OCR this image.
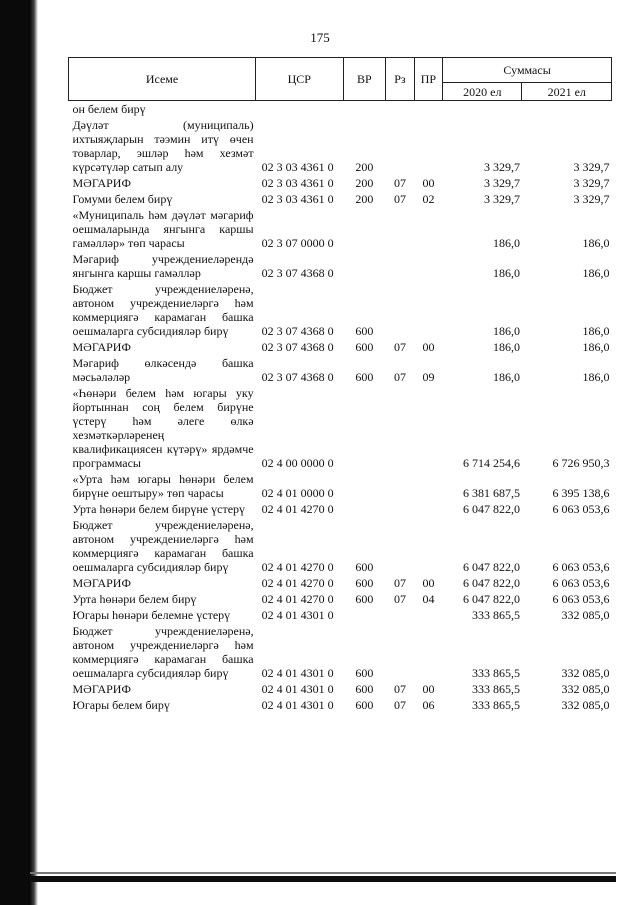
175
Исеме	ЦСР	ВР	Рз	ПР	Суммасы	
					2020 ел	2021 ел
он белем бирү						
Дәүләт (муниципаль) ихтыяҗларын тәэмин итү өчен товарлар, эшләр һәм хезмәт күрсәтүләр сатып алу	02 3 03 4361 0	200			3 329,7	3 329,7
МӘГАРИФ	02 3 03 4361 0	200	07	00	3 329,7	3 329,7
Гомуми белем бирү	02 3 03 4361 0	200	07	02	3 329,7	3 329,7
«Муниципаль һәм дәүләт мәгариф оешмаларында янгынга каршы гамәлләр» төп чарасы	02 3 07 0000 0				186,0	186,0
Мәгариф учреждениеләрендә янгынга каршы гамәлләр	02 3 07 4368 0				186,0	186,0
Бюджет учреждениеләренә, автоном учреждениеләргә һәм коммерциягә карамаган башка оешмаларга субсидияләр бирү	02 3 07 4368 0	600			186,0	186,0
МӘГАРИФ	02 3 07 4368 0	600	07	00	186,0	186,0
Мәгариф өлкәсендә башка мәсьәләләр	02 3 07 4368 0	600	07	09	186,0	186,0
«Һөнәри белем һәм югары уку йортыннан соң белем бирүне үстерү һәм әлеге өлкә хезмәткәрләренең квалификациясен күтәрү» ярдәмче программасы	02 4 00 0000 0				6 714 254,6	6 726 950,3
«Урта һәм югары һөнәри белем бирүне оештыру» төп чарасы	02 4 01 0000 0				6 381 687,5	6 395 138,6
Урта һөнәри белем бирүне үстерү	02 4 01 4270 0				6 047 822,0	6 063 053,6
Бюджет учреждениеләренә, автоном учреждениеләргә һәм коммерциягә карамаган башка оешмаларга субсидияләр бирү	02 4 01 4270 0	600			6 047 822,0	6 063 053,6
МӘГАРИФ	02 4 01 4270 0	600	07	00	6 047 822,0	6 063 053,6
Урта һөнәри белем бирү	02 4 01 4270 0	600	07	04	6 047 822,0	6 063 053,6
Югары һөнәри белемне үстерү	02 4 01 4301 0				333 865,5	332 085,0
Бюджет учреждениеләренә, автоном учреждениеләргә һәм коммерциягә карамаган башка оешмаларга субсидияләр бирү	02 4 01 4301 0	600			333 865,5	332 085,0
МӘГАРИФ	02 4 01 4301 0	600	07	00	333 865,5	332 085,0
Югары белем бирү	02 4 01 4301 0	600	07	06	333 865,5	332 085,0
